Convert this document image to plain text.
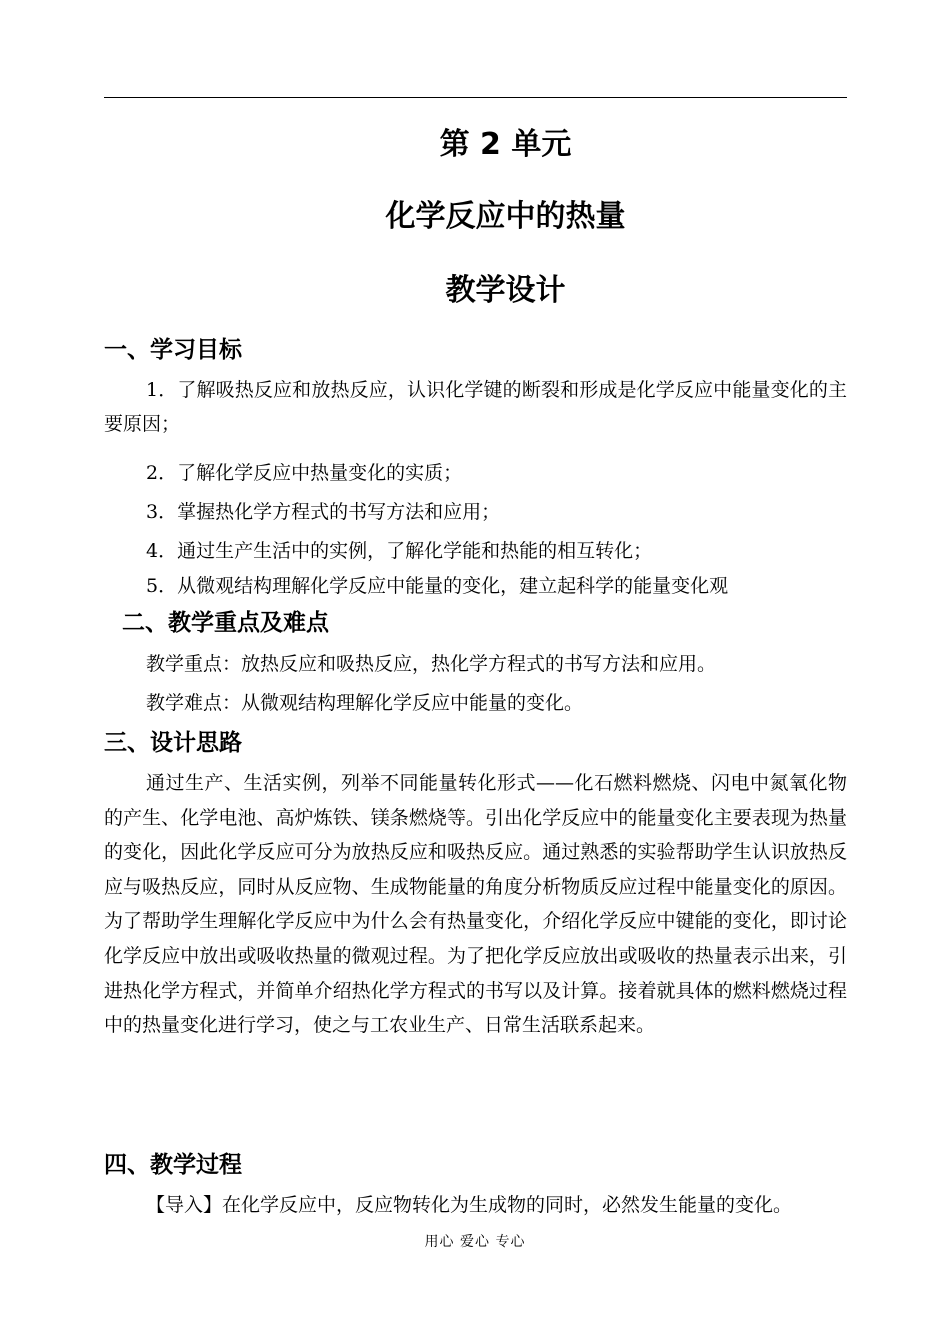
第 2 单元
化学反应中的热量
教学设计
一、学习目标
1．了解吸热反应和放热反应，认识化学键的断裂和形成是化学反应中能量变化的主要原因；
2．了解化学反应中热量变化的实质；
3．掌握热化学方程式的书写方法和应用；
4．通过生产生活中的实例，了解化学能和热能的相互转化；
5．从微观结构理解化学反应中能量的变化，建立起科学的能量变化观
二、教学重点及难点
教学重点：放热反应和吸热反应，热化学方程式的书写方法和应用。
教学难点：从微观结构理解化学反应中能量的变化。
三、设计思路
通过生产、生活实例，列举不同能量转化形式——化石燃料燃烧、闪电中氮氧化物的产生、化学电池、高炉炼铁、镁条燃烧等。引出化学反应中的能量变化主要表现为热量的变化，因此化学反应可分为放热反应和吸热反应。通过熟悉的实验帮助学生认识放热反应与吸热反应，同时从反应物、生成物能量的角度分析物质反应过程中能量变化的原因。为了帮助学生理解化学反应中为什么会有热量变化，介绍化学反应中键能的变化，即讨论化学反应中放出或吸收热量的微观过程。为了把化学反应放出或吸收的热量表示出来，引进热化学方程式，并简单介绍热化学方程式的书写以及计算。接着就具体的燃料燃烧过程中的热量变化进行学习，使之与工农业生产、日常生活联系起来。
四、教学过程
【导入】在化学反应中，反应物转化为生成物的同时，必然发生能量的变化。
用心 爱心 专心
